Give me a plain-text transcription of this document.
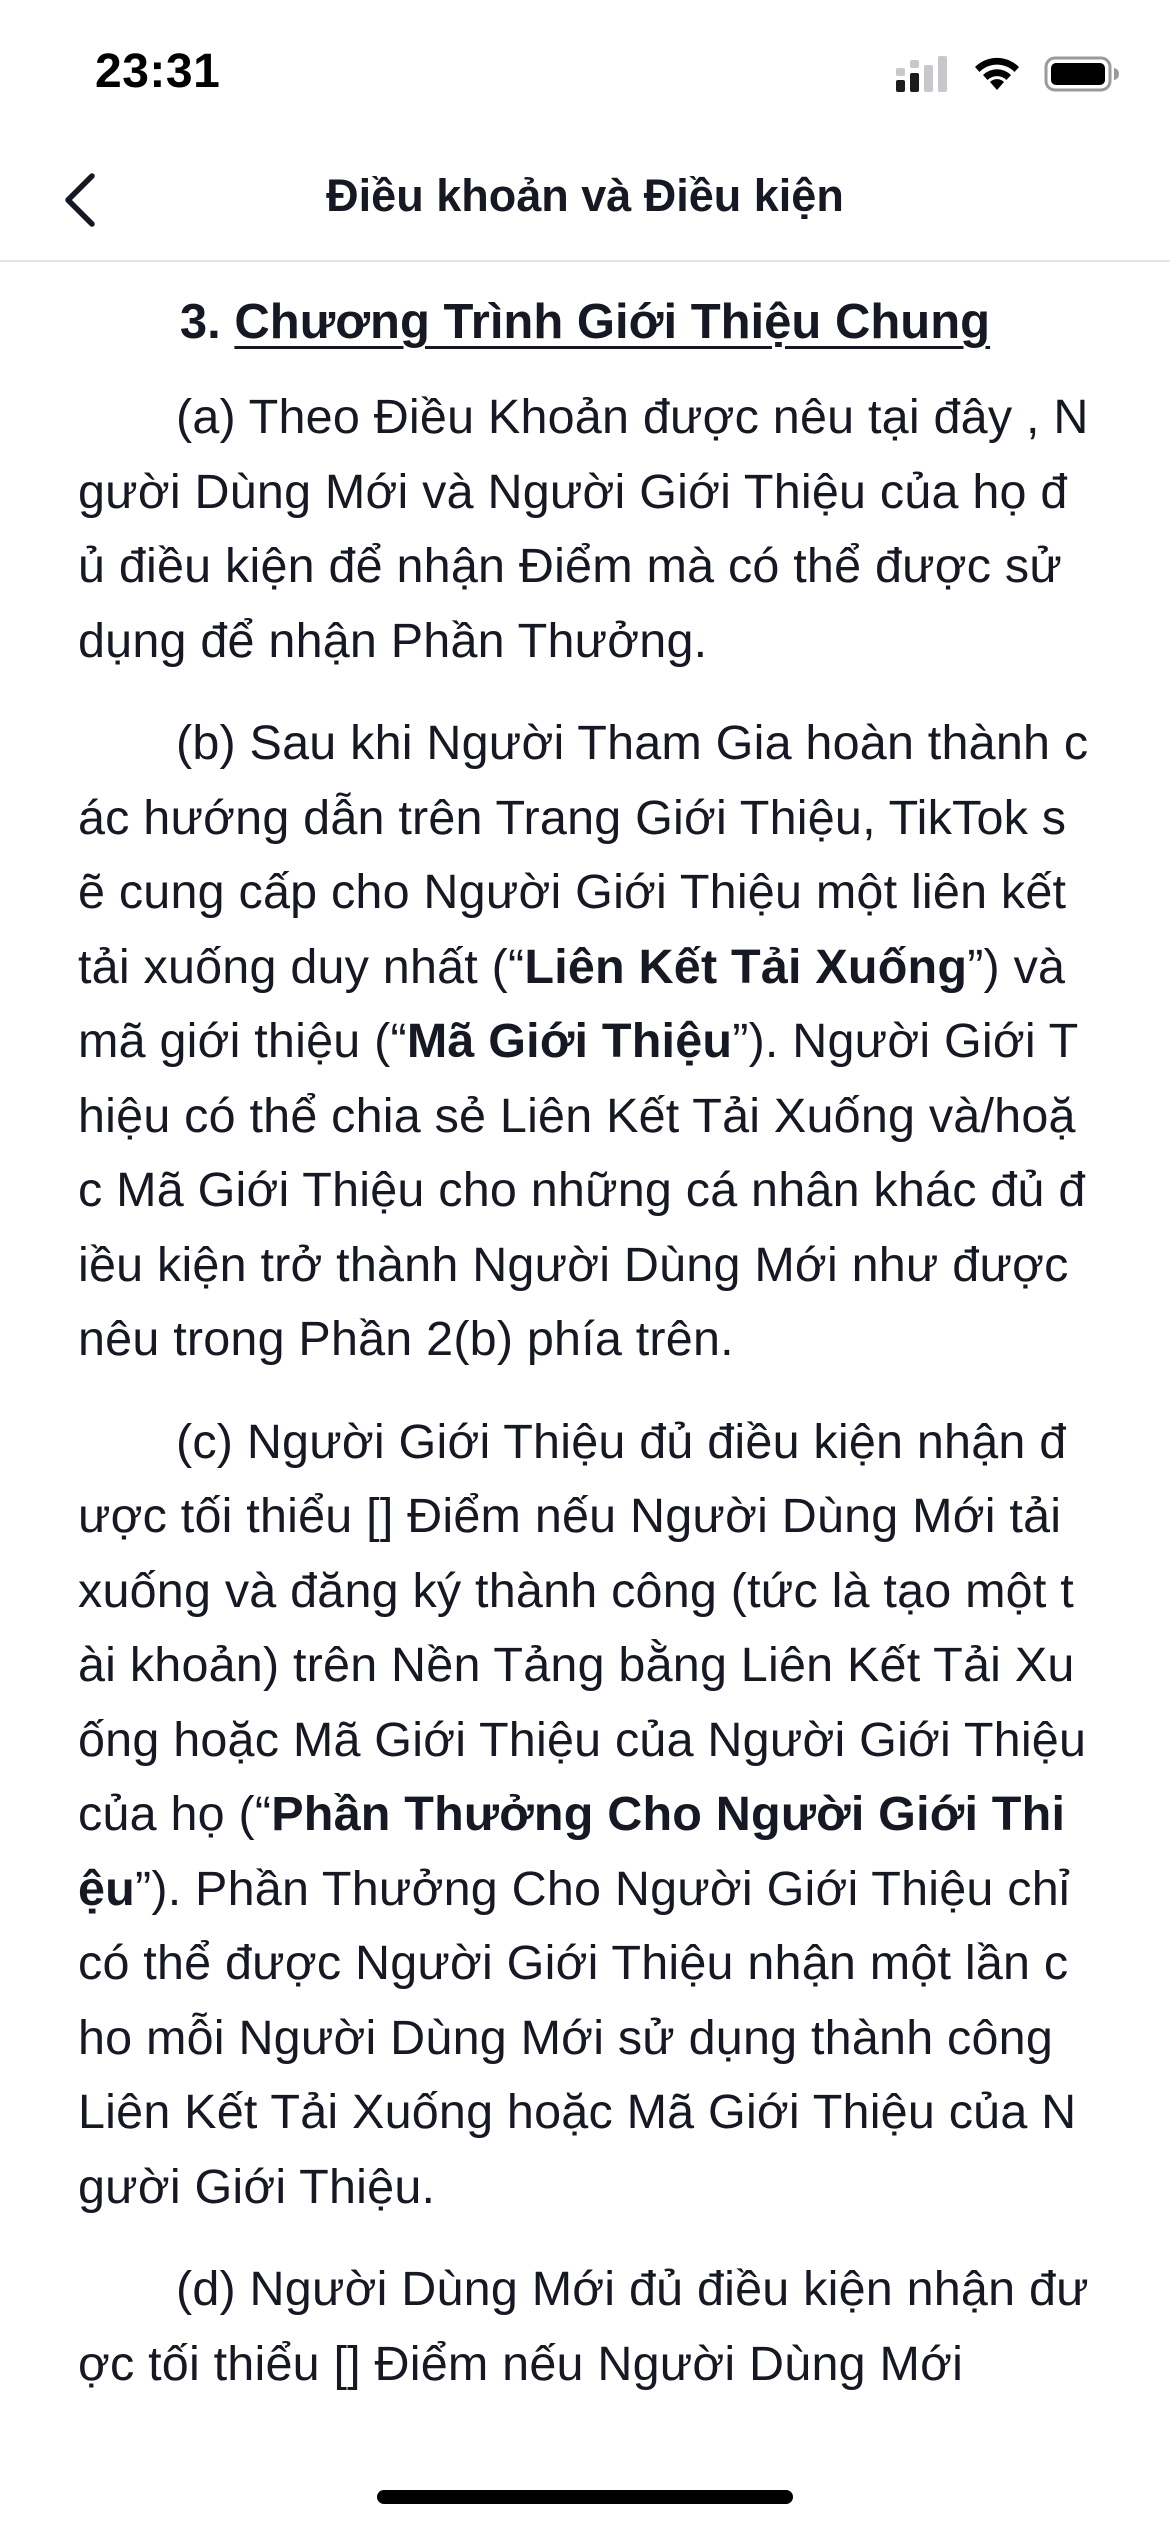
23:31
Điều khoản và Điều kiện
3. Chương Trình Giới Thiệu Chung

(a) Theo Điều Khoản được nêu tại đây , Người Dùng Mới và Người Giới Thiệu của họ đủ điều kiện để nhận Điểm mà có thể được sử dụng để nhận Phần Thưởng.

(b) Sau khi Người Tham Gia hoàn thành các hướng dẫn trên Trang Giới Thiệu, TikTok sẽ cung cấp cho Người Giới Thiệu một liên kết tải xuống duy nhất (“Liên Kết Tải Xuống”) và mã giới thiệu (“Mã Giới Thiệu”). Người Giới Thiệu có thể chia sẻ Liên Kết Tải Xuống và/hoặc Mã Giới Thiệu cho những cá nhân khác đủ điều kiện trở thành Người Dùng Mới như được nêu trong Phần 2(b) phía trên.

(c) Người Giới Thiệu đủ điều kiện nhận được tối thiểu [] Điểm nếu Người Dùng Mới tải xuống và đăng ký thành công (tức là tạo một tài khoản) trên Nền Tảng bằng Liên Kết Tải Xuống hoặc Mã Giới Thiệu của Người Giới Thiệu của họ (“Phần Thưởng Cho Người Giới Thiệu”). Phần Thưởng Cho Người Giới Thiệu chỉ có thể được Người Giới Thiệu nhận một lần cho mỗi Người Dùng Mới sử dụng thành công Liên Kết Tải Xuống hoặc Mã Giới Thiệu của Người Giới Thiệu.

(d) Người Dùng Mới đủ điều kiện nhận được tối thiểu [] Điểm nếu Người Dùng Mới
